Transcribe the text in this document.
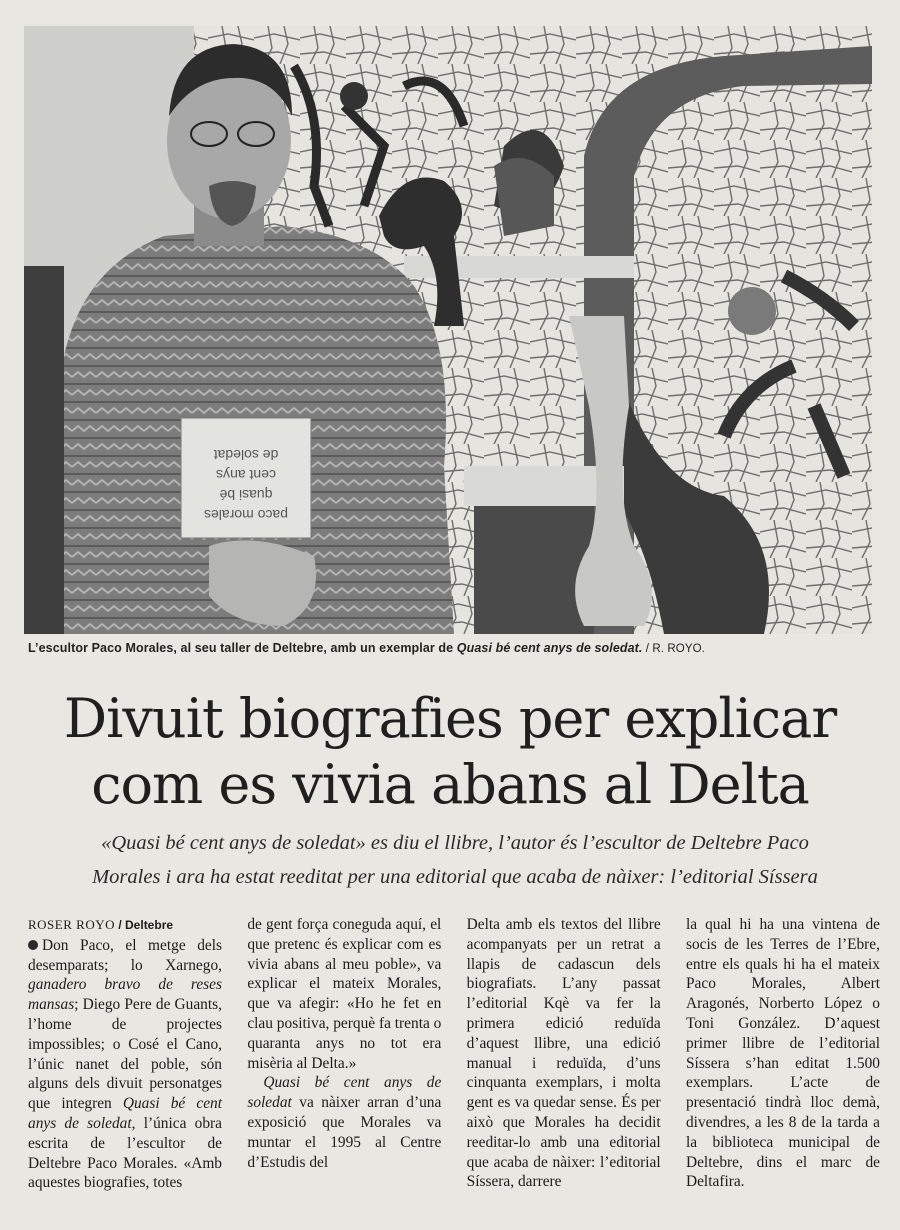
paco morales
quasi bé
cent anys
de soledat
L’escultor Paco Morales, al seu taller de Deltebre, amb un exemplar de Quasi bé cent anys de soledat. / R. ROYO.
Divuit biografies per explicar
com es vivia abans al Delta
«Quasi bé cent anys de soledat» es diu el llibre, l’autor és l’escultor de Deltebre Paco
Morales i ara ha estat reeditat per una editorial que acaba de nàixer: l’editorial Síssera

ROSER ROYO / Deltebre

Don Paco, el metge dels desemparats; lo Xarnego, ganadero bravo de reses mansas; Diego Pere de Guants, l’home de projectes impossibles; o Cosé el Cano, l’únic nanet del poble, són alguns dels divuit personatges que integren Quasi bé cent anys de soledat, l’única obra escrita de l’escultor de Deltebre Paco Morales. «Amb aquestes biografies, totes

de gent força coneguda aquí, el que pretenc és explicar com es vivia abans al meu poble», va explicar el mateix Morales, que va afegir: «Ho he fet en clau positiva, perquè fa trenta o quaranta anys no tot era misèria al Delta.»

Quasi bé cent anys de soledat va nàixer arran d’una exposició que Morales va muntar el 1995 al Centre d’Estudis del

Delta amb els textos del llibre acompanyats per un retrat a llapis de cadascun dels biografiats. L’any passat l’editorial Kqè va fer la primera edició reduïda d’aquest llibre, una edició manual i reduïda, d’uns cinquanta exemplars, i molta gent es va quedar sense. És per això que Morales ha decidit reeditar-lo amb una editorial que acaba de nàixer: l’editorial Síssera, darrere

la qual hi ha una vintena de socis de les Terres de l’Ebre, entre els quals hi ha el mateix Paco Morales, Albert Aragonés, Norberto López o Toni González. D’aquest primer llibre de l’editorial Síssera s’han editat 1.500 exemplars. L’acte de presentació tindrà lloc demà, divendres, a les 8 de la tarda a la biblioteca municipal de Deltebre, dins el marc de Deltafira.
